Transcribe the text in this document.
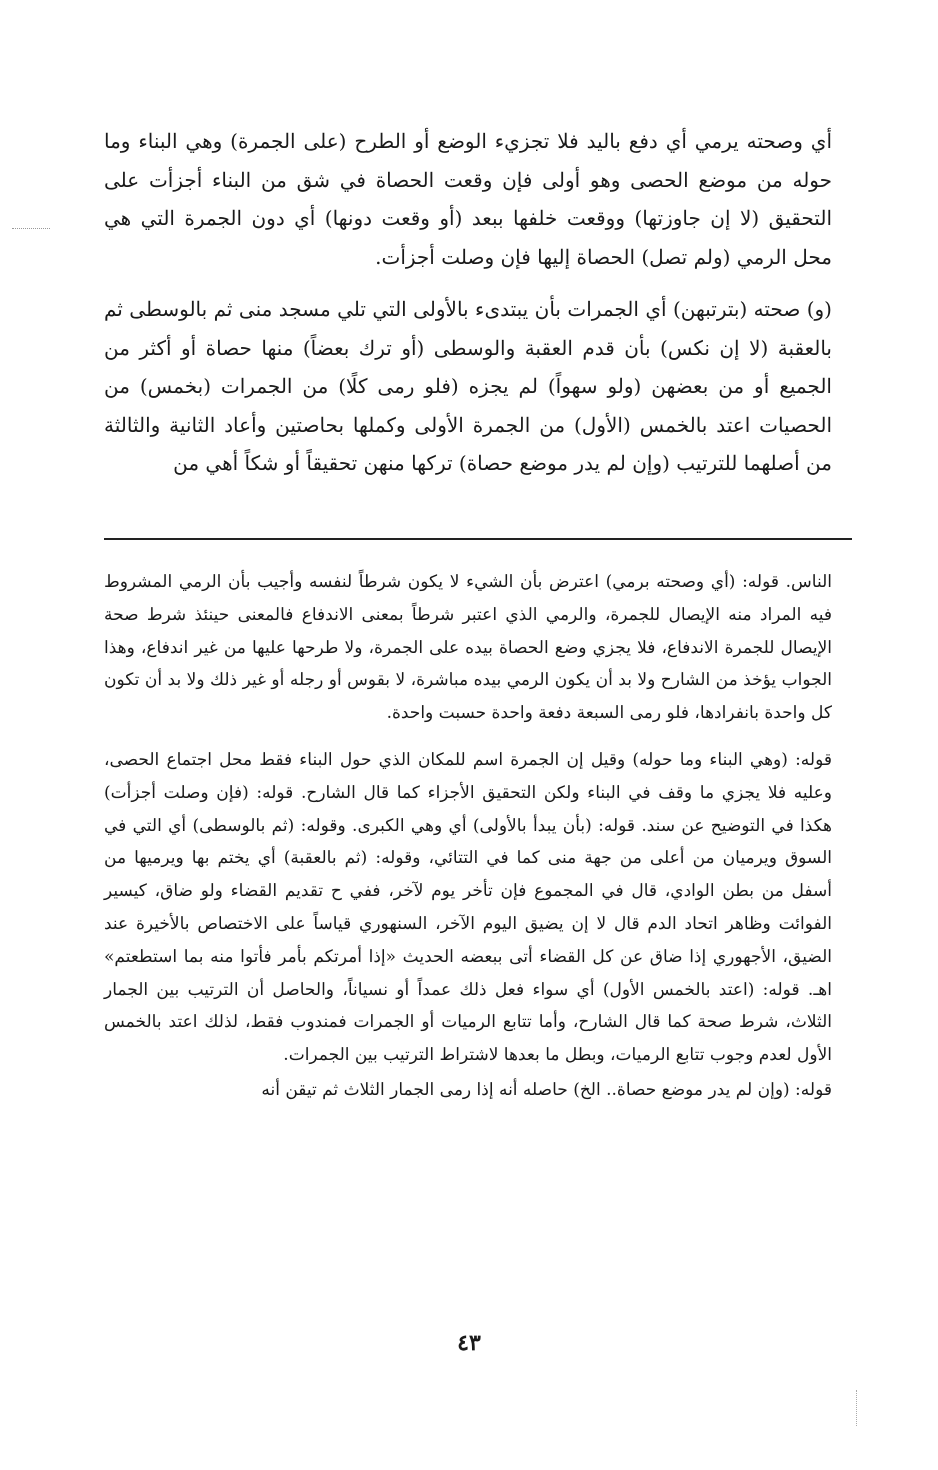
أي وصحته يرمي أي دفع باليد فلا تجزيء الوضع أو الطرح (على الجمرة) وهي البناء وما حوله من موضع الحصى وهو أولى فإن وقعت الحصاة في شق من البناء أجزأت على التحقيق (لا إن جاوزتها) ووقعت خلفها ببعد (أو وقعت دونها) أي دون الجمرة التي هي محل الرمي (ولم تصل) الحصاة إليها فإن وصلت أجزأت.

(و) صحته (بترتبهن) أي الجمرات بأن يبتدىء بالأولى التي تلي مسجد منى ثم بالوسطى ثم بالعقبة (لا إن نكس) بأن قدم العقبة والوسطى (أو ترك بعضاً) منها حصاة أو أكثر من الجميع أو من بعضهن (ولو سهواً) لم يجزه (فلو رمى كلًا) من الجمرات (بخمس) من الحصيات اعتد بالخمس (الأول) من الجمرة الأولى وكملها بحاصتين وأعاد الثانية والثالثة من أصلهما للترتيب (وإن لم يدر موضع حصاة) تركها منهن تحقيقاً أو شكاً أهي من

الناس. قوله: (أي وصحته برمي) اعترض بأن الشيء لا يكون شرطاً لنفسه وأجيب بأن الرمي المشروط فيه المراد منه الإيصال للجمرة، والرمي الذي اعتبر شرطاً بمعنى الاندفاع فالمعنى حينئذ شرط صحة الإيصال للجمرة الاندفاع، فلا يجزي وضع الحصاة بيده على الجمرة، ولا طرحها عليها من غير اندفاع، وهذا الجواب يؤخذ من الشارح ولا بد أن يكون الرمي بيده مباشرة، لا بقوس أو رجله أو غير ذلك ولا بد أن تكون كل واحدة بانفرادها، فلو رمى السبعة دفعة واحدة حسبت واحدة.

قوله: (وهي البناء وما حوله) وقيل إن الجمرة اسم للمكان الذي حول البناء فقط محل اجتماع الحصى، وعليه فلا يجزي ما وقف في البناء ولكن التحقيق الأجزاء كما قال الشارح. قوله: (فإن وصلت أجزأت) هكذا في التوضيح عن سند. قوله: (بأن يبدأ بالأولى) أي وهي الكبرى. وقوله: (ثم بالوسطى) أي التي في السوق ويرميان من أعلى من جهة منى كما في التتائي، وقوله: (ثم بالعقبة) أي يختم بها ويرميها من أسفل من بطن الوادي، قال في المجموع فإن تأخر يوم لآخر، ففي ح تقديم القضاء ولو ضاق، كيسير الفوائت وظاهر اتحاد الدم قال لا إن يضيق اليوم الآخر، السنهوري قياساً على الاختصاص بالأخيرة عند الضيق، الأجهوري إذا ضاق عن كل القضاء أتى ببعضه الحديث «إذا أمرتكم بأمر فأتوا منه بما استطعتم» اهـ. قوله: (اعتد بالخمس الأول) أي سواء فعل ذلك عمداً أو نسياناً، والحاصل أن الترتيب بين الجمار الثلاث، شرط صحة كما قال الشارح، وأما تتابع الرميات أو الجمرات فمندوب فقط، لذلك اعتد بالخمس الأول لعدم وجوب تتابع الرميات، وبطل ما بعدها لاشتراط الترتيب بين الجمرات.

قوله: (وإن لم يدر موضع حصاة.. الخ) حاصله أنه إذا رمى الجمار الثلاث ثم تيقن أنه

٤٣
